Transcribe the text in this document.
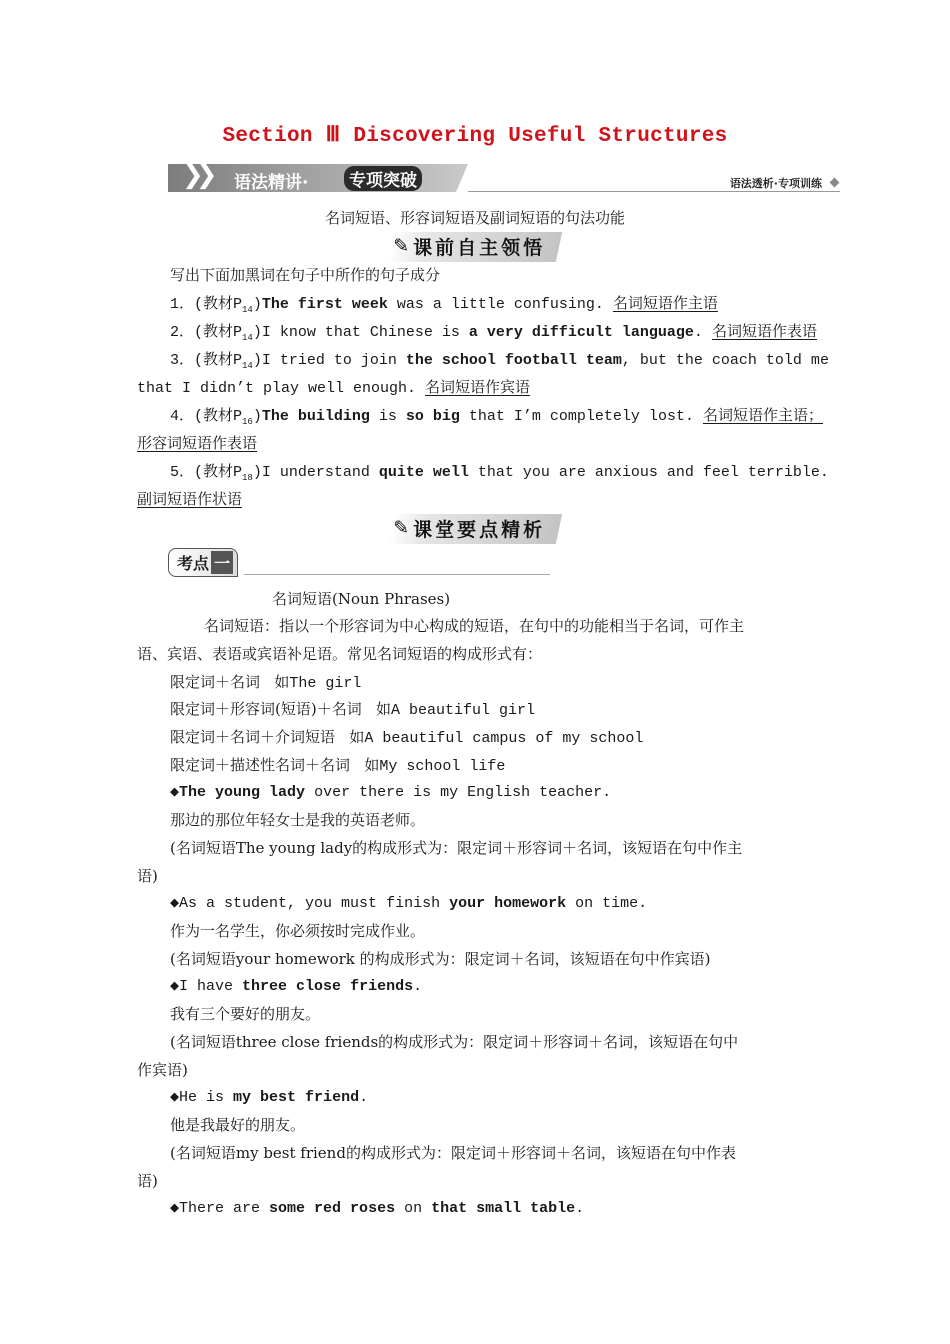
Section Ⅲ Discovering Useful Structures
❯❯ 语法精讲· 专项突破	语法透析·专项训练
名词短语、形容词短语及副词短语的句法功能
✎ 课前自主领悟
写出下面加黑词在句子中所作的句子成分
1．(教材$P_{14})The$ first week was a little confusing. 名词短语作主语
2．(教材$P_{14})I$ know that Chinese is a very difficult language. 名词短语作表语
3．(教材$P_{14})I$ tried to join the school football team, but the coach told me
that I didn’t play well enough. 名词短语作宾语
4．(教材$P_{16})The$ building is so big that I’m completely lost. 名词短语作主语；
形容词短语作表语
5．(教材$P_{18})I$ understand quite well that you are anxious and feel terrible.
副词短语作状语
✎ 课堂要点精析
考点 一
名词短语(Noun Phrases)
名词短语：指以一个形容词为中心构成的短语，在句中的功能相当于名词，可作主
语、宾语、表语或宾语补足语。常见名词短语的构成形式有：
限定词＋名词 如The girl
限定词＋形容词(短语)＋名词 如A beautiful girl
限定词＋名词＋介词短语 如A beautiful campus of my school
限定词＋描述性名词＋名词 如My school life
◆The young lady over there is my English teacher.
那边的那位年轻女士是我的英语老师。
(名词短语The young lady的构成形式为：限定词＋形容词＋名词，该短语在句中作主
语)
◆As a student, you must finish your homework on time.
作为一名学生，你必须按时完成作业。
(名词短语your homework 的构成形式为：限定词＋名词，该短语在句中作宾语)
◆I have three close friends.
我有三个要好的朋友。
(名词短语three close friends的构成形式为：限定词＋形容词＋名词，该短语在句中
作宾语)
◆He is my best friend.
他是我最好的朋友。
(名词短语my best friend的构成形式为：限定词＋形容词＋名词，该短语在句中作表
语)
◆There are some red roses on that small table.
